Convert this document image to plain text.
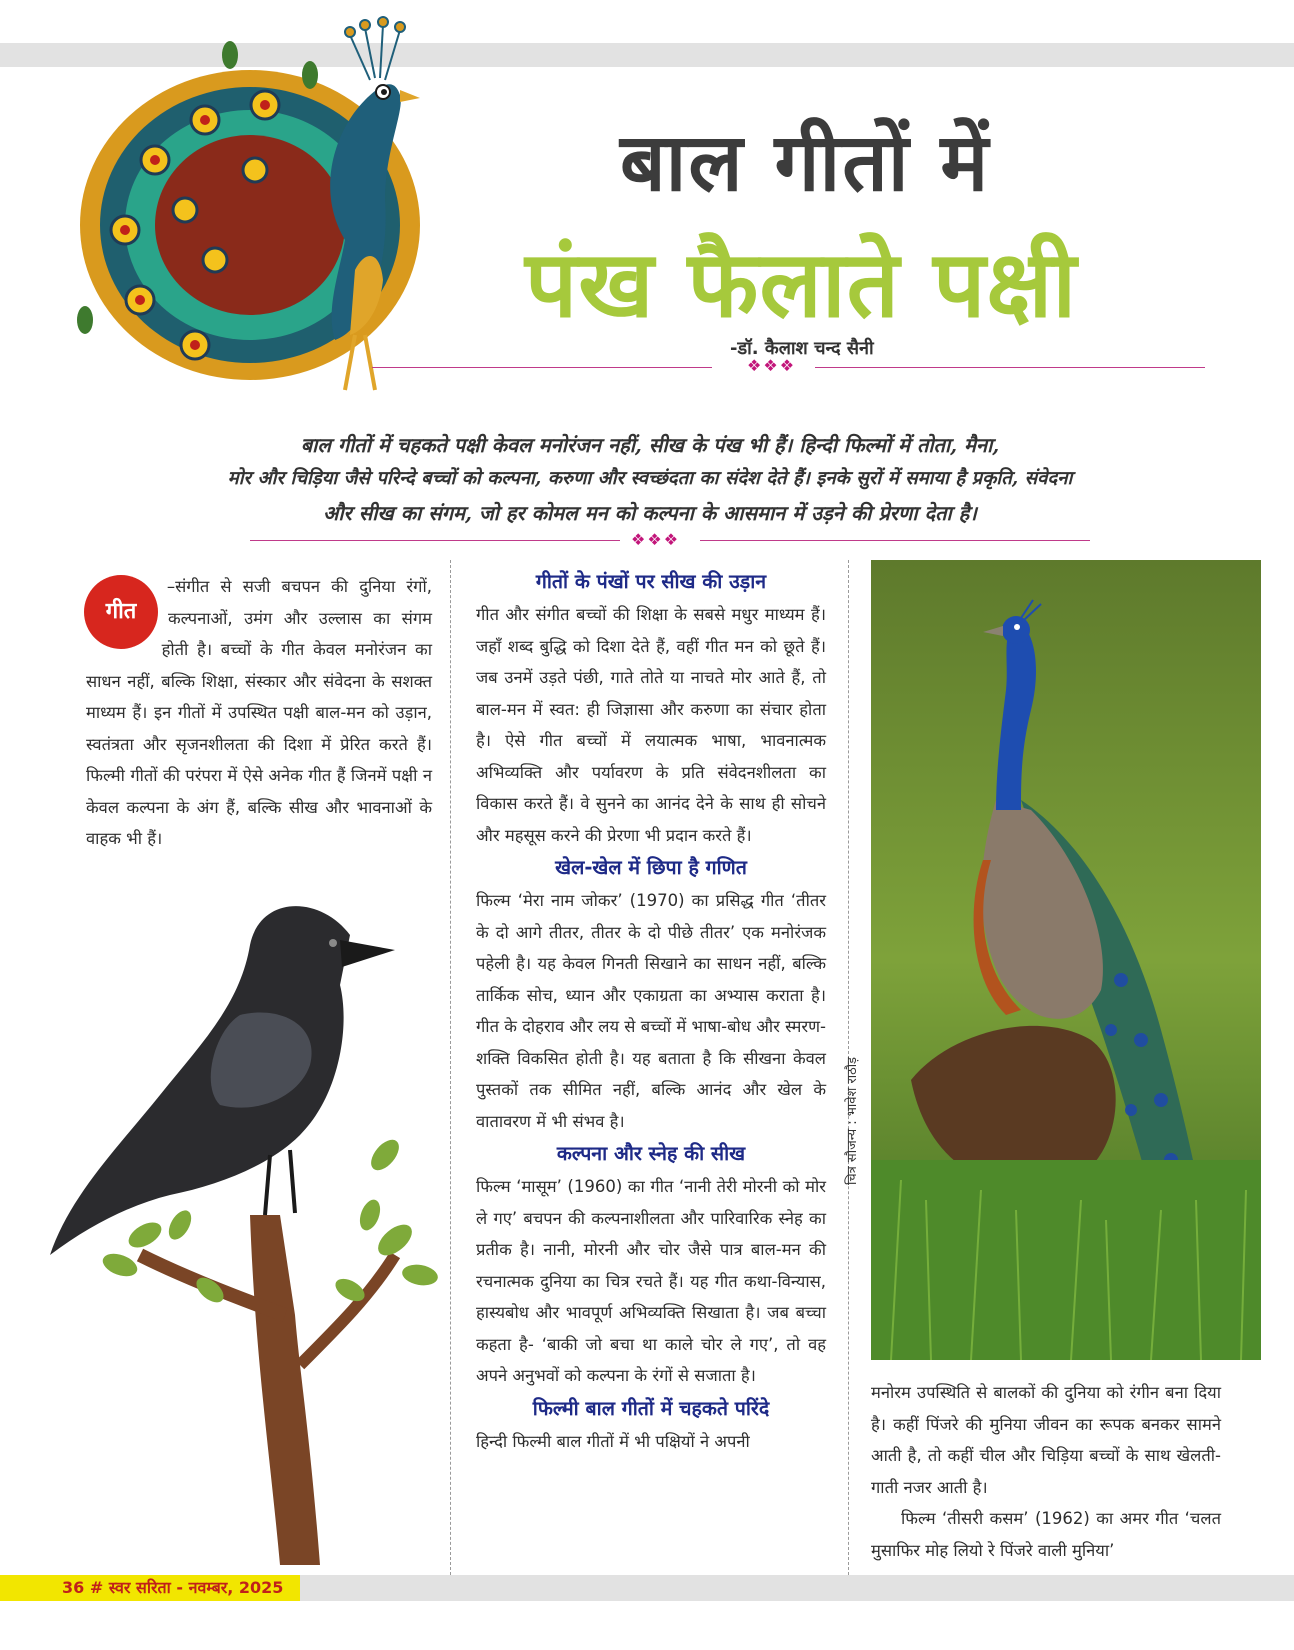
बाल गीतों में
पंख फैलाते पक्षी
-डॉ. कैलाश चन्द सैनी
❖❖❖
बाल गीतों में चहकते पक्षी केवल मनोरंजन नहीं, सीख के पंख भी हैं। हिन्दी फिल्मों में तोता, मैना,
मोर और चिड़िया जैसे परिन्दे बच्चों को कल्पना, करुणा और स्वच्छंदता का संदेश देते हैं। इनके सुरों में समाया है प्रकृति, संवेदना
और सीख का संगम, जो हर कोमल मन को कल्पना के आसमान में उड़ने की प्रेरणा देता है।
❖❖❖
गीत

–संगीत से सजी बचपन की दुनिया रंगों, कल्पनाओं, उमंग और उल्लास का संगम होती है। बच्चों के गीत केवल मनोरंजन का साधन नहीं, बल्कि शिक्षा, संस्कार और संवेदना के सशक्त माध्यम हैं। इन गीतों में उपस्थित पक्षी बाल-मन को उड़ान, स्वतंत्रता और सृजनशीलता की दिशा में प्रेरित करते हैं। फिल्मी गीतों की परंपरा में ऐसे अनेक गीत हैं जिनमें पक्षी न केवल कल्पना के अंग हैं, बल्कि सीख और भावनाओं के वाहक भी हैं।

गीतों के पंखों पर सीख की उड़ान

गीत और संगीत बच्चों की शिक्षा के सबसे मधुर माध्यम हैं। जहाँ शब्द बुद्धि को दिशा देते हैं, वहीं गीत मन को छूते हैं। जब उनमें उड़ते पंछी, गाते तोते या नाचते मोर आते हैं, तो बाल-मन में स्वत: ही जिज्ञासा और करुणा का संचार होता है। ऐसे गीत बच्चों में लयात्मक भाषा, भावनात्मक अभिव्यक्ति और पर्यावरण के प्रति संवेदनशीलता का विकास करते हैं। वे सुनने का आनंद देने के साथ ही सोचने और महसूस करने की प्रेरणा भी प्रदान करते हैं।

खेल-खेल में छिपा है गणित

फिल्म ‘मेरा नाम जोकर’ (1970) का प्रसिद्ध गीत ‘तीतर के दो आगे तीतर, तीतर के दो पीछे तीतर’ एक मनोरंजक पहेली है। यह केवल गिनती सिखाने का साधन नहीं, बल्कि तार्किक सोच, ध्यान और एकाग्रता का अभ्यास कराता है। गीत के दोहराव और लय से बच्चों में भाषा-बोध और स्मरण-शक्ति विकसित होती है। यह बताता है कि सीखना केवल पुस्तकों तक सीमित नहीं, बल्कि आनंद और खेल के वातावरण में भी संभव है।

कल्पना और स्नेह की सीख

फिल्म ‘मासूम’ (1960) का गीत ‘नानी तेरी मोरनी को मोर ले गए’ बचपन की कल्पनाशीलता और पारिवारिक स्नेह का प्रतीक है। नानी, मोरनी और चोर जैसे पात्र बाल-मन की रचनात्मक दुनिया का चित्र रचते हैं। यह गीत कथा-विन्यास, हास्यबोध और भावपूर्ण अभिव्यक्ति सिखाता है। जब बच्चा कहता है- ‘बाकी जो बचा था काले चोर ले गए’, तो वह अपने अनुभवों को कल्पना के रंगों से सजाता है।

फिल्मी बाल गीतों में चहकते परिंदे

हिन्दी फिल्मी बाल गीतों में भी पक्षियों ने अपनी

चित्र सौजन्य : भावेश राठौड़

मनोरम उपस्थिति से बालकों की दुनिया को रंगीन बना दिया है। कहीं पिंजरे की मुनिया जीवन का रूपक बनकर सामने आती है, तो कहीं चील और चिड़िया बच्चों के साथ खेलती-गाती नजर आती है।

फिल्म ‘तीसरी कसम’ (1962) का अमर गीत ‘चलत मुसाफिर मोह लियो रे पिंजरे वाली मुनिया’

36 # स्वर सरिता - नवम्बर, 2025
